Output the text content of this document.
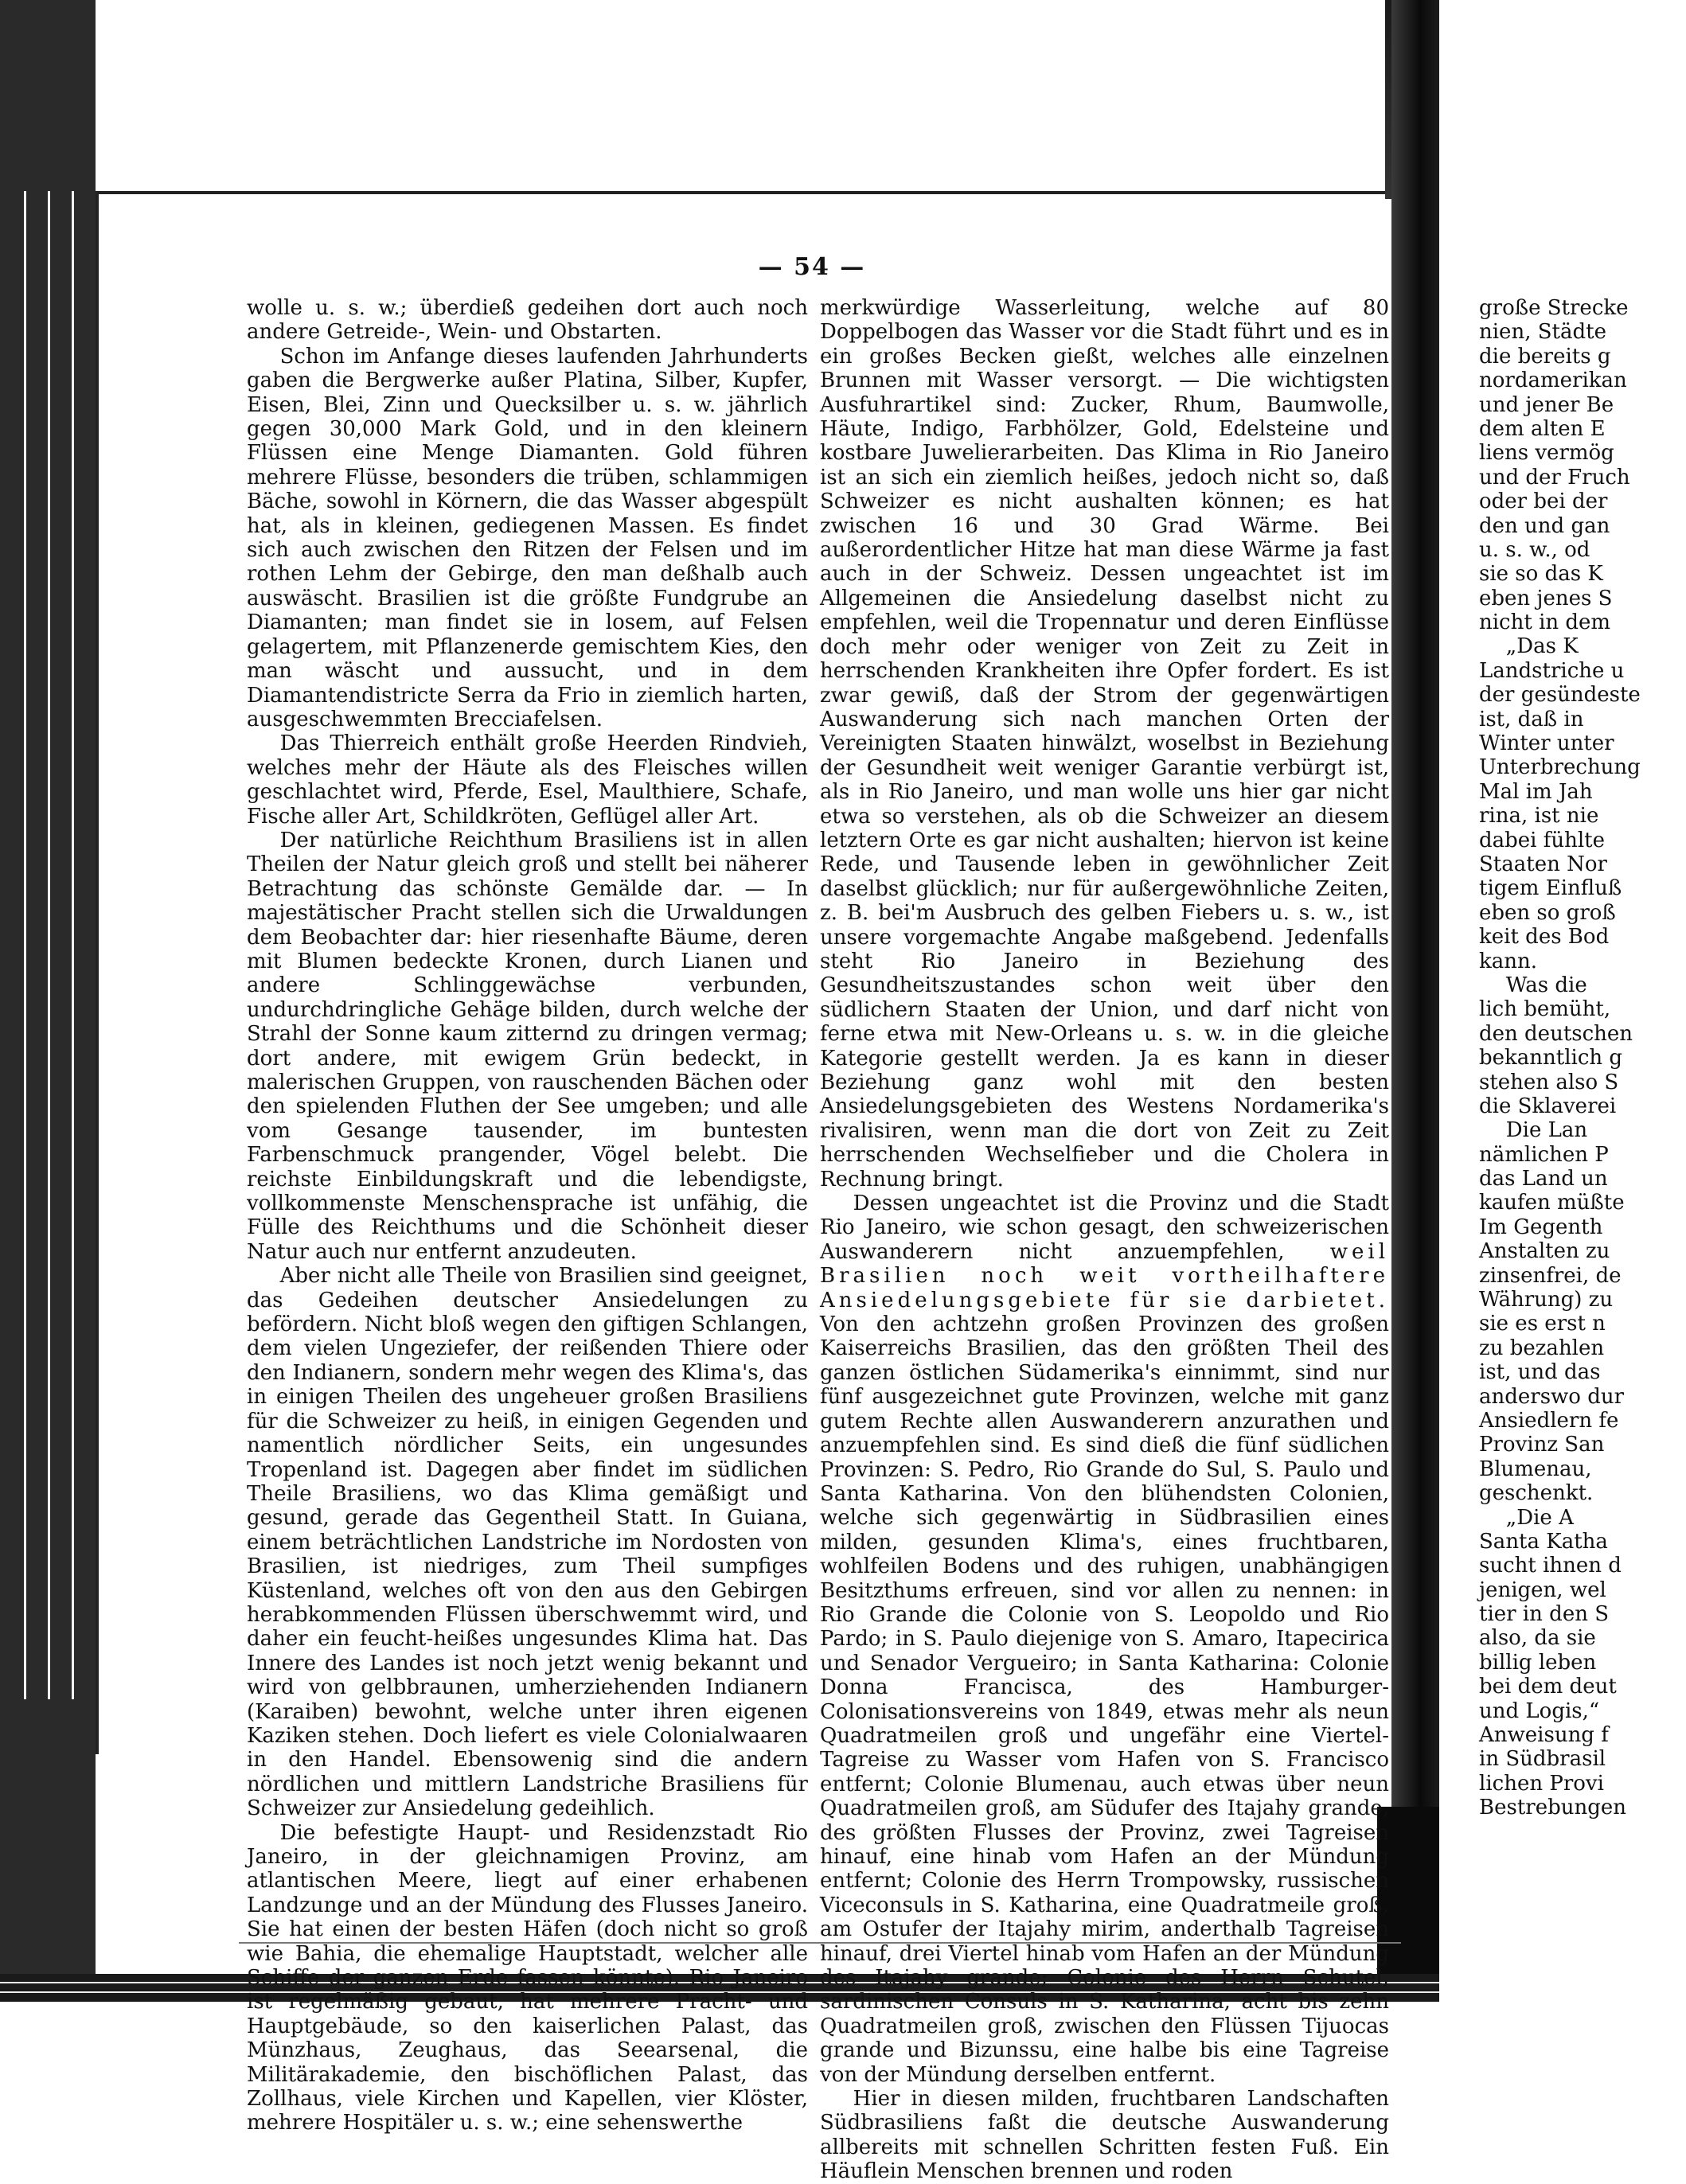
— 54 —

wolle u. s. w.; überdieß gedeihen dort auch noch andere Getreide-, Wein- und Obstarten.

Schon im Anfange dieses laufenden Jahrhunderts gaben die Bergwerke außer Platina, Silber, Kupfer, Eisen, Blei, Zinn und Quecksilber u. s. w. jährlich gegen 30,000 Mark Gold, und in den kleinern Flüssen eine Menge Diamanten. Gold führen mehrere Flüsse, besonders die trüben, schlammigen Bäche, sowohl in Körnern, die das Wasser abgespült hat, als in kleinen, gediegenen Massen. Es findet sich auch zwischen den Ritzen der Felsen und im rothen Lehm der Gebirge, den man deßhalb auch auswäscht. Brasilien ist die größte Fundgrube an Diamanten; man findet sie in losem, auf Felsen gelagertem, mit Pflanzenerde gemischtem Kies, den man wäscht und aussucht, und in dem Diamantendistricte Serra da Frio in ziemlich harten, ausgeschwemmten Brecciafelsen.

Das Thierreich enthält große Heerden Rindvieh, welches mehr der Häute als des Fleisches willen geschlachtet wird, Pferde, Esel, Maulthiere, Schafe, Fische aller Art, Schildkröten, Geflügel aller Art.

Der natürliche Reichthum Brasiliens ist in allen Theilen der Natur gleich groß und stellt bei näherer Betrachtung das schönste Gemälde dar. — In majestätischer Pracht stellen sich die Urwaldungen dem Beobachter dar: hier riesenhafte Bäume, deren mit Blumen bedeckte Kronen, durch Lianen und andere Schlinggewächse verbunden, undurchdringliche Gehäge bilden, durch welche der Strahl der Sonne kaum zitternd zu dringen vermag; dort andere, mit ewigem Grün bedeckt, in malerischen Gruppen, von rauschenden Bächen oder den spielenden Fluthen der See umgeben; und alle vom Gesange tausender, im buntesten Farbenschmuck prangender, Vögel belebt. Die reichste Einbildungskraft und die lebendigste, vollkommenste Menschensprache ist unfähig, die Fülle des Reichthums und die Schönheit dieser Natur auch nur entfernt anzudeuten.

Aber nicht alle Theile von Brasilien sind geeignet, das Gedeihen deutscher Ansiedelungen zu befördern. Nicht bloß wegen den giftigen Schlangen, dem vielen Ungeziefer, der reißenden Thiere oder den Indianern, sondern mehr wegen des Klima's, das in einigen Theilen des ungeheuer großen Brasiliens für die Schweizer zu heiß, in einigen Gegenden und namentlich nördlicher Seits, ein ungesundes Tropenland ist. Dagegen aber findet im südlichen Theile Brasiliens, wo das Klima gemäßigt und gesund, gerade das Gegentheil Statt. In Guiana, einem beträchtlichen Landstriche im Nordosten von Brasilien, ist niedriges, zum Theil sumpfiges Küstenland, welches oft von den aus den Gebirgen herabkommenden Flüssen überschwemmt wird, und daher ein feucht-heißes ungesundes Klima hat. Das Innere des Landes ist noch jetzt wenig bekannt und wird von gelbbraunen, umherziehenden Indianern (Karaiben) bewohnt, welche unter ihren eigenen Kaziken stehen. Doch liefert es viele Colonialwaaren in den Handel. Ebensowenig sind die andern nördlichen und mittlern Landstriche Brasiliens für Schweizer zur Ansiedelung gedeihlich.

Die befestigte Haupt- und Residenzstadt Rio Janeiro, in der gleichnamigen Provinz, am atlantischen Meere, liegt auf einer erhabenen Landzunge und an der Mündung des Flusses Janeiro. Sie hat einen der besten Häfen (doch nicht so groß wie Bahia, die ehemalige Hauptstadt, welcher alle Schiffe der ganzen Erde fassen könnte). Rio Janeiro ist regelmäßig gebaut, hat mehrere Pracht- und Hauptgebäude, so den kaiserlichen Palast, das Münzhaus, Zeughaus, das Seearsenal, die Militärakademie, den bischöflichen Palast, das Zollhaus, viele Kirchen und Kapellen, vier Klöster, mehrere Hospitäler u. s. w.; eine sehenswerthe

merkwürdige Wasserleitung, welche auf 80 Doppelbogen das Wasser vor die Stadt führt und es in ein großes Becken gießt, welches alle einzelnen Brunnen mit Wasser versorgt. — Die wichtigsten Ausfuhrartikel sind: Zucker, Rhum, Baumwolle, Häute, Indigo, Farbhölzer, Gold, Edelsteine und kostbare Juwelierarbeiten. Das Klima in Rio Janeiro ist an sich ein ziemlich heißes, jedoch nicht so, daß Schweizer es nicht aushalten können; es hat zwischen 16 und 30 Grad Wärme. Bei außerordentlicher Hitze hat man diese Wärme ja fast auch in der Schweiz. Dessen ungeachtet ist im Allgemeinen die Ansiedelung daselbst nicht zu empfehlen, weil die Tropennatur und deren Einflüsse doch mehr oder weniger von Zeit zu Zeit in herrschenden Krankheiten ihre Opfer fordert. Es ist zwar gewiß, daß der Strom der gegenwärtigen Auswanderung sich nach manchen Orten der Vereinigten Staaten hinwälzt, woselbst in Beziehung der Gesundheit weit weniger Garantie verbürgt ist, als in Rio Janeiro, und man wolle uns hier gar nicht etwa so verstehen, als ob die Schweizer an diesem letztern Orte es gar nicht aushalten; hiervon ist keine Rede, und Tausende leben in gewöhnlicher Zeit daselbst glücklich; nur für außergewöhnliche Zeiten, z. B. bei'm Ausbruch des gelben Fiebers u. s. w., ist unsere vorgemachte Angabe maßgebend. Jedenfalls steht Rio Janeiro in Beziehung des Gesundheitszustandes schon weit über den südlichern Staaten der Union, und darf nicht von ferne etwa mit New-Orleans u. s. w. in die gleiche Kategorie gestellt werden. Ja es kann in dieser Beziehung ganz wohl mit den besten Ansiedelungsgebieten des Westens Nordamerika's rivalisiren, wenn man die dort von Zeit zu Zeit herrschenden Wechselfieber und die Cholera in Rechnung bringt.

Dessen ungeachtet ist die Provinz und die Stadt Rio Janeiro, wie schon gesagt, den schweizerischen Auswanderern nicht anzuempfehlen, weil Brasilien noch weit vortheilhaftere Ansiedelungsgebiete für sie darbietet. Von den achtzehn großen Provinzen des großen Kaiserreichs Brasilien, das den größten Theil des ganzen östlichen Südamerika's einnimmt, sind nur fünf ausgezeichnet gute Provinzen, welche mit ganz gutem Rechte allen Auswanderern anzurathen und anzuempfehlen sind. Es sind dieß die fünf südlichen Provinzen: S. Pedro, Rio Grande do Sul, S. Paulo und Santa Katharina. Von den blühendsten Colonien, welche sich gegenwärtig in Südbrasilien eines milden, gesunden Klima's, eines fruchtbaren, wohlfeilen Bodens und des ruhigen, unabhängigen Besitzthums erfreuen, sind vor allen zu nennen: in Rio Grande die Colonie von S. Leopoldo und Rio Pardo; in S. Paulo diejenige von S. Amaro, Itapecirica und Senador Vergueiro; in Santa Katharina: Colonie Donna Francisca, des Hamburger-Colonisationsvereins von 1849, etwas mehr als neun Quadratmeilen groß und ungefähr eine Viertel-Tagreise zu Wasser vom Hafen von S. Francisco entfernt; Colonie Blumenau, auch etwas über neun Quadratmeilen groß, am Südufer des Itajahy grande, des größten Flusses der Provinz, zwei Tagreisen hinauf, eine hinab vom Hafen an der Mündung entfernt; Colonie des Herrn Trompowsky, russischen Viceconsuls in S. Katharina, eine Quadratmeile groß, am Ostufer der Itajahy mirim, anderthalb Tagreisen hinauf, drei Viertel hinab vom Hafen an der Mündung des Itajahy grande; Colonie des Herrn Schutel, sardinischen Consuls in S. Katharina, acht bis zehn Quadratmeilen groß, zwischen den Flüssen Tijuocas grande und Bizunssu, eine halbe bis eine Tagreise von der Mündung derselben entfernt.

Hier in diesen milden, fruchtbaren Landschaften Südbrasiliens faßt die deutsche Auswanderung allbereits mit schnellen Schritten festen Fuß. Ein Häuflein Menschen brennen und roden

große Strecke
nien, Städte
die bereits g
nordamerikan
und jener Be
dem alten E
liens vermög
und der Fruch
oder bei der
den und gan
u. s. w., od
sie so das K
eben jenes S
nicht in dem
„Das K
Landstriche u
der gesündeste
ist, daß in
Winter unter
Unterbrechung
Mal im Jah
rina, ist nie
dabei fühlte
Staaten Nor
tigem Einfluß
eben so groß
keit des Bod
kann.
Was die
lich bemüht,
den deutschen
bekanntlich g
stehen also S
die Sklaverei
Die Lan
nämlichen P
das Land un
kaufen müßte
Im Gegenth
Anstalten zu
zinsenfrei, de
Währung) zu
sie es erst n
zu bezahlen
ist, und das
anderswo dur
Ansiedlern fe
Provinz San
Blumenau,
geschenkt.
„Die A
Santa Katha
sucht ihnen d
jenigen, wel
tier in den S
also, da sie
billig leben
bei dem deut
und Logis,“
Anweisung f
in Südbrasil
lichen Provi
Bestrebungen
